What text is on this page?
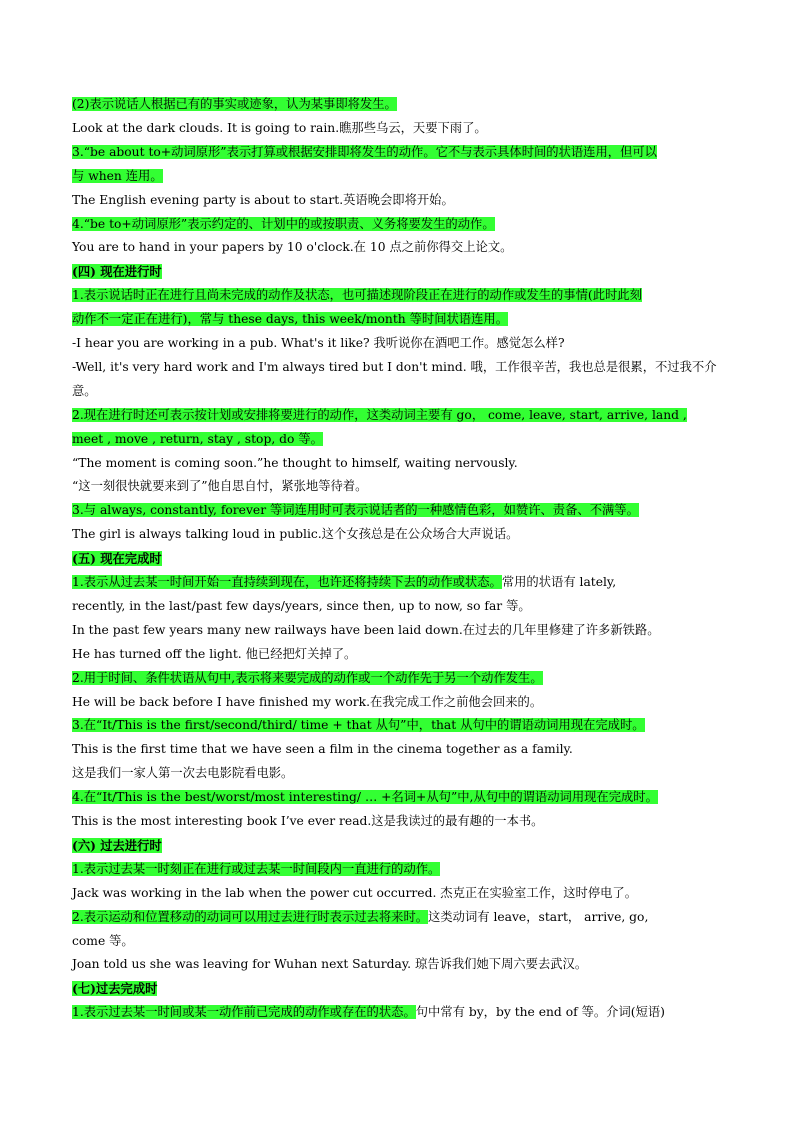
(2)表示说话人根据已有的事实或迹象，认为某事即将发生。
Look at the dark clouds. It is going to rain.瞧那些乌云，天要下雨了。
3.“be about to+动词原形”表示打算或根据安排即将发生的动作。它不与表示具体时间的状语连用，但可以
与 when 连用。
The English evening party is about to start.英语晚会即将开始。
4.“be to+动词原形”表示约定的、计划中的或按职责、义务将要发生的动作。
You are to hand in your papers by 10 o'clock.在 10 点之前你得交上论文。
(四) 现在进行时
1.表示说话时正在进行且尚未完成的动作及状态，也可描述现阶段正在进行的动作或发生的事情(此时此刻
动作不一定正在进行)，常与 these days, this week/month 等时间状语连用。
-I hear you are working in a pub. What's it like? 我听说你在酒吧工作。感觉怎么样?
-Well, it's very hard work and I'm always tired but I don't mind. 哦，工作很辛苦，我也总是很累，不过我不介
意。
2.现在进行时还可表示按计划或安排将要进行的动作，这类动词主要有 go， come, leave, start, arrive, land ,
meet , move , return, stay , stop, do 等。
“The moment is coming soon.”he thought to himself, waiting nervously.
“这一刻很快就要来到了”他自思自忖，紧张地等待着。
3.与 always, constantly, forever 等词连用时可表示说话者的一种感情色彩，如赞许、责备、不满等。
The girl is always talking loud in public.这个女孩总是在公众场合大声说话。
(五) 现在完成时
1.表示从过去某一时间开始一直持续到现在，也许还将持续下去的动作或状态。常用的状语有 lately,
recently, in the last/past few days/years, since then, up to now, so far 等。
In the past few years many new railways have been laid down.在过去的几年里修建了许多新铁路。
He has turned off the light. 他已经把灯关掉了。
2.用于时间、条件状语从句中,表示将来要完成的动作或一个动作先于另一个动作发生。
He will be back before I have finished my work.在我完成工作之前他会回来的。
3.在“It/This is the first/second/third/ time + that 从句”中，that 从句中的谓语动词用现在完成时。
This is the first time that we have seen a film in the cinema together as a family.
这是我们一家人第一次去电影院看电影。
4.在“It/This is the best/worst/most interesting/ … +名词+从句”中,从句中的谓语动词用现在完成时。
This is the most interesting book I’ve ever read.这是我读过的最有趣的一本书。
(六) 过去进行时
1.表示过去某一时刻正在进行或过去某一时间段内一直进行的动作。
Jack was working in the lab when the power cut occurred. 杰克正在实验室工作，这时停电了。
2.表示运动和位置移动的动词可以用过去进行时表示过去将来时。这类动词有 leave，start， arrive, go,
come 等。
Joan told us she was leaving for Wuhan next Saturday. 琼告诉我们她下周六要去武汉。
(七)过去完成时
1.表示过去某一时间或某一动作前已完成的动作或存在的状态。句中常有 by，by the end of 等。介词(短语)
